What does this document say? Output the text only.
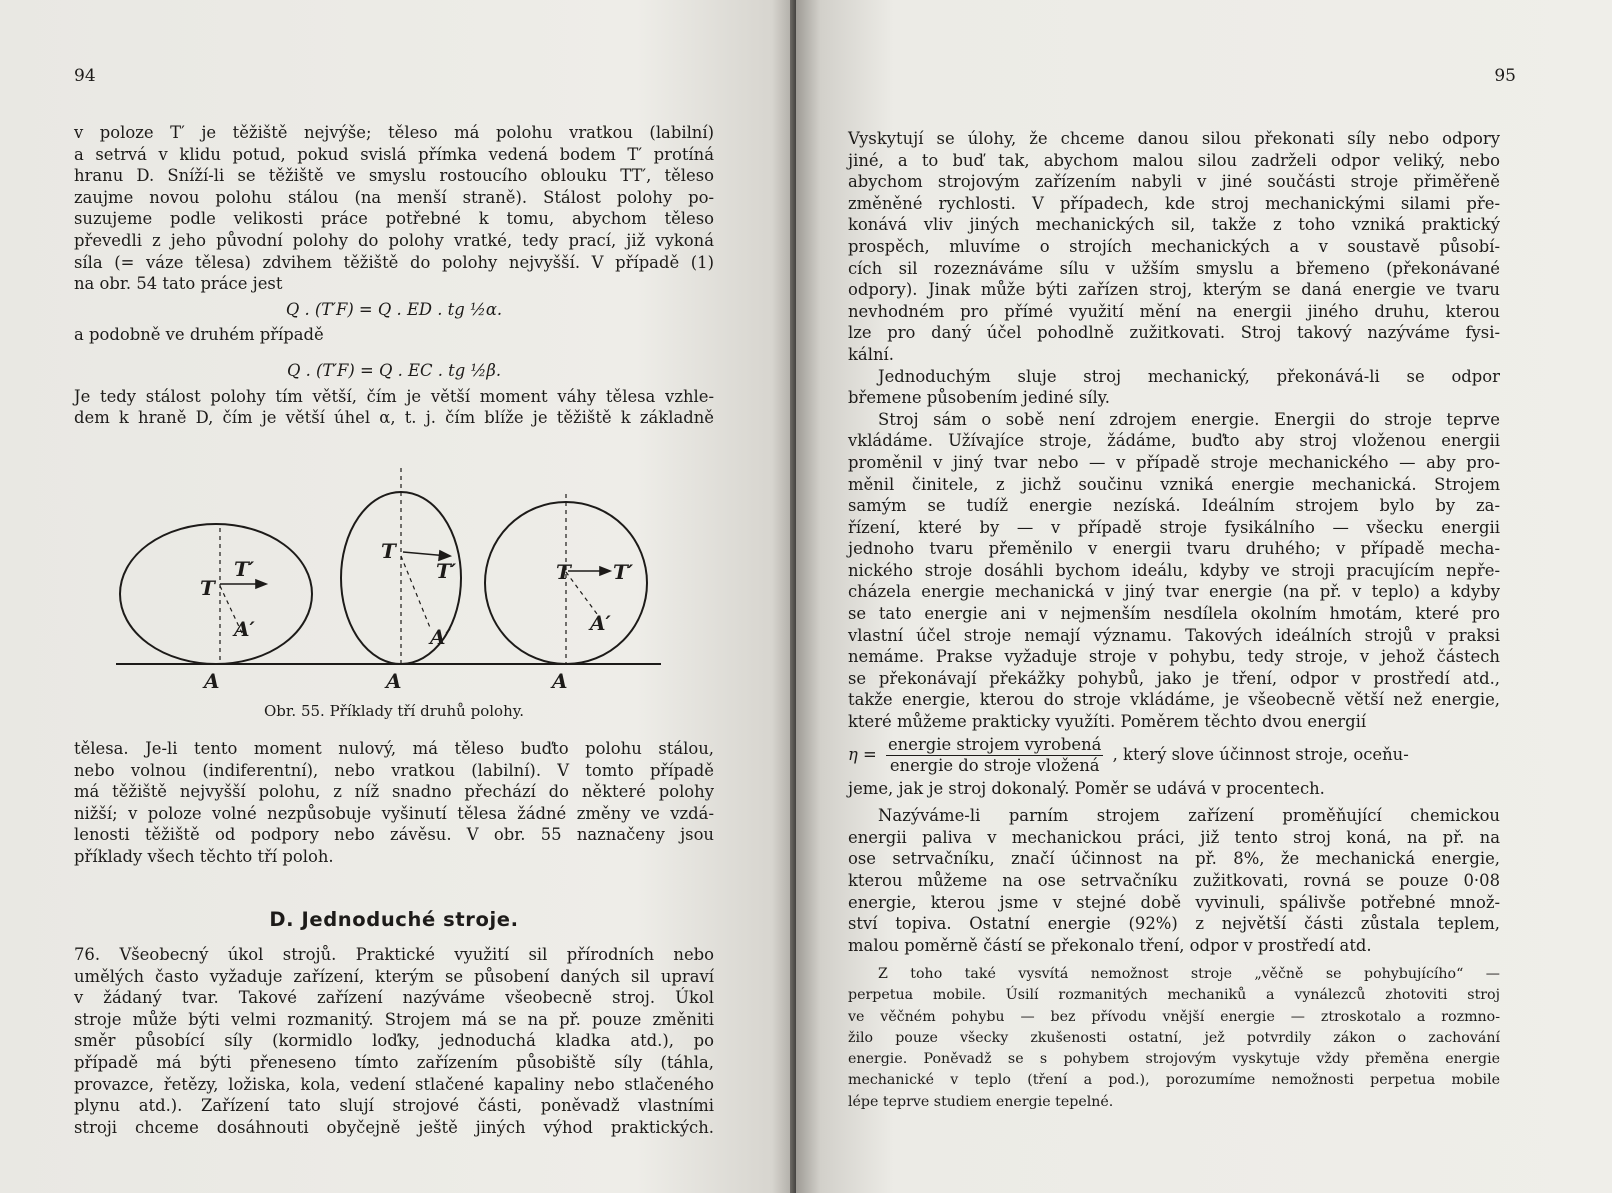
94
v poloze T′ je těžiště nejvýše; těleso má polohu vratkou (labilní)
a setrvá v klidu potud, pokud svislá přímka vedená bodem T′ protíná
hranu D. Sníží-li se těžiště ve smyslu rostoucího oblouku TT′, těleso
zaujme novou polohu stálou (na menší straně). Stálost polohy po-
suzujeme podle velikosti práce potřebné k tomu, abychom těleso
převedli z jeho původní polohy do polohy vratké, tedy prací, již vykoná
síla (= váze tělesa) zdvihem těžiště do polohy nejvyšší. V případě (1)
na obr. 54 tato práce jest
Q . (T′F) = Q . ED . tg ½α.
a podobně ve druhém případě
Q . (T′F) = Q . EC . tg ½β.
Je tedy stálost polohy tím větší, čím je větší moment váhy tělesa vzhle-
dem k hraně D, čím je větší úhel α, t. j. čím blíže je těžiště k základně
T
T′
A′
A
T
T′
A′
A
T T′
A′
A
Obr. 55. Příklady tří druhů polohy.
tělesa. Je-li tento moment nulový, má těleso buďto polohu stálou,
nebo volnou (indiferentní), nebo vratkou (labilní). V tomto případě
má těžiště nejvyšší polohu, z níž snadno přechází do některé polohy
nižší; v poloze volné nezpůsobuje vyšinutí tělesa žádné změny ve vzdá-
lenosti těžiště od podpory nebo závěsu. V obr. 55 naznačeny jsou
příklady všech těchto tří poloh.
D. Jednoduché stroje.
76. Všeobecný úkol strojů. Praktické využití sil přírodních nebo
umělých často vyžaduje zařízení, kterým se působení daných sil upraví
v žádaný tvar. Takové zařízení nazýváme všeobecně stroj. Úkol
stroje může býti velmi rozmanitý. Strojem má se na př. pouze změniti
směr působící síly (kormidlo loďky, jednoduchá kladka atd.), po
případě má býti přeneseno tímto zařízením působiště síly (táhla,
provazce, řetězy, ložiska, kola, vedení stlačené kapaliny nebo stlačeného
plynu atd.). Zařízení tato slují strojové části, poněvadž vlastními
stroji chceme dosáhnouti obyčejně ještě jiných výhod praktických.
95
Vyskytují se úlohy, že chceme danou silou překonati síly nebo odpory
jiné, a to buď tak, abychom malou silou zadrželi odpor veliký, nebo
abychom strojovým zařízením nabyli v jiné součásti stroje přiměřeně
změněné rychlosti. V případech, kde stroj mechanickými silami pře-
konává vliv jiných mechanických sil, takže z toho vzniká praktický
prospěch, mluvíme o strojích mechanických a v soustavě působí-
cích sil rozeznáváme sílu v užším smyslu a břemeno (překonávané
odpory). Jinak může býti zařízen stroj, kterým se daná energie ve tvaru
nevhodném pro přímé využití mění na energii jiného druhu, kterou
lze pro daný účel pohodlně zužitkovati. Stroj takový nazýváme fysi-
kální.
Jednoduchým sluje stroj mechanický, překonává-li se odpor
břemene působením jediné síly.
Stroj sám o sobě není zdrojem energie. Energii do stroje teprve
vkládáme. Užívajíce stroje, žádáme, buďto aby stroj vloženou energii
proměnil v jiný tvar nebo — v případě stroje mechanického — aby pro-
měnil činitele, z jichž součinu vzniká energie mechanická. Strojem
samým se tudíž energie nezíská. Ideálním strojem bylo by za-
řízení, které by — v případě stroje fysikálního — všecku energii
jednoho tvaru přeměnilo v energii tvaru druhého; v případě mecha-
nického stroje dosáhli bychom ideálu, kdyby ve stroji pracujícím nepře-
cházela energie mechanická v jiný tvar energie (na př. v teplo) a kdyby
se tato energie ani v nejmenším nesdílela okolním hmotám, které pro
vlastní účel stroje nemají významu. Takových ideálních strojů v praksi
nemáme. Prakse vyžaduje stroje v pohybu, tedy stroje, v jehož částech
se překonávají překážky pohybů, jako je tření, odpor v prostředí atd.,
takže energie, kterou do stroje vkládáme, je všeobecně větší než energie,
které můžeme prakticky využíti. Poměrem těchto dvou energií
$\eta = \frac{\text{energie strojem vyrobená}}{\text{energie do stroje vložená}}$ , který slove účinnost stroje, oceňu-
jeme, jak je stroj dokonalý. Poměr se udává v procentech.
Nazýváme-li parním strojem zařízení proměňující chemickou
energii paliva v mechanickou práci, již tento stroj koná, na př. na
ose setrvačníku, značí účinnost na př. 8%, že mechanická energie,
kterou můžeme na ose setrvačníku zužitkovati, rovná se pouze 0·08
energie, kterou jsme v stejné době vyvinuli, spálivše potřebné množ-
ství topiva. Ostatní energie (92%) z největší části zůstala teplem,
malou poměrně částí se překonalo tření, odpor v prostředí atd.
Z toho také vysvítá nemožnost stroje „věčně se pohybujícího“ —
perpetua mobile. Úsilí rozmanitých mechaniků a vynálezců zhotoviti stroj
ve věčném pohybu — bez přívodu vnější energie — ztroskotalo a rozmno-
žilo pouze všecky zkušenosti ostatní, jež potvrdily zákon o zachování
energie. Poněvadž se s pohybem strojovým vyskytuje vždy přeměna energie
mechanické v teplo (tření a pod.), porozumíme nemožnosti perpetua mobile
lépe teprve studiem energie tepelné.
